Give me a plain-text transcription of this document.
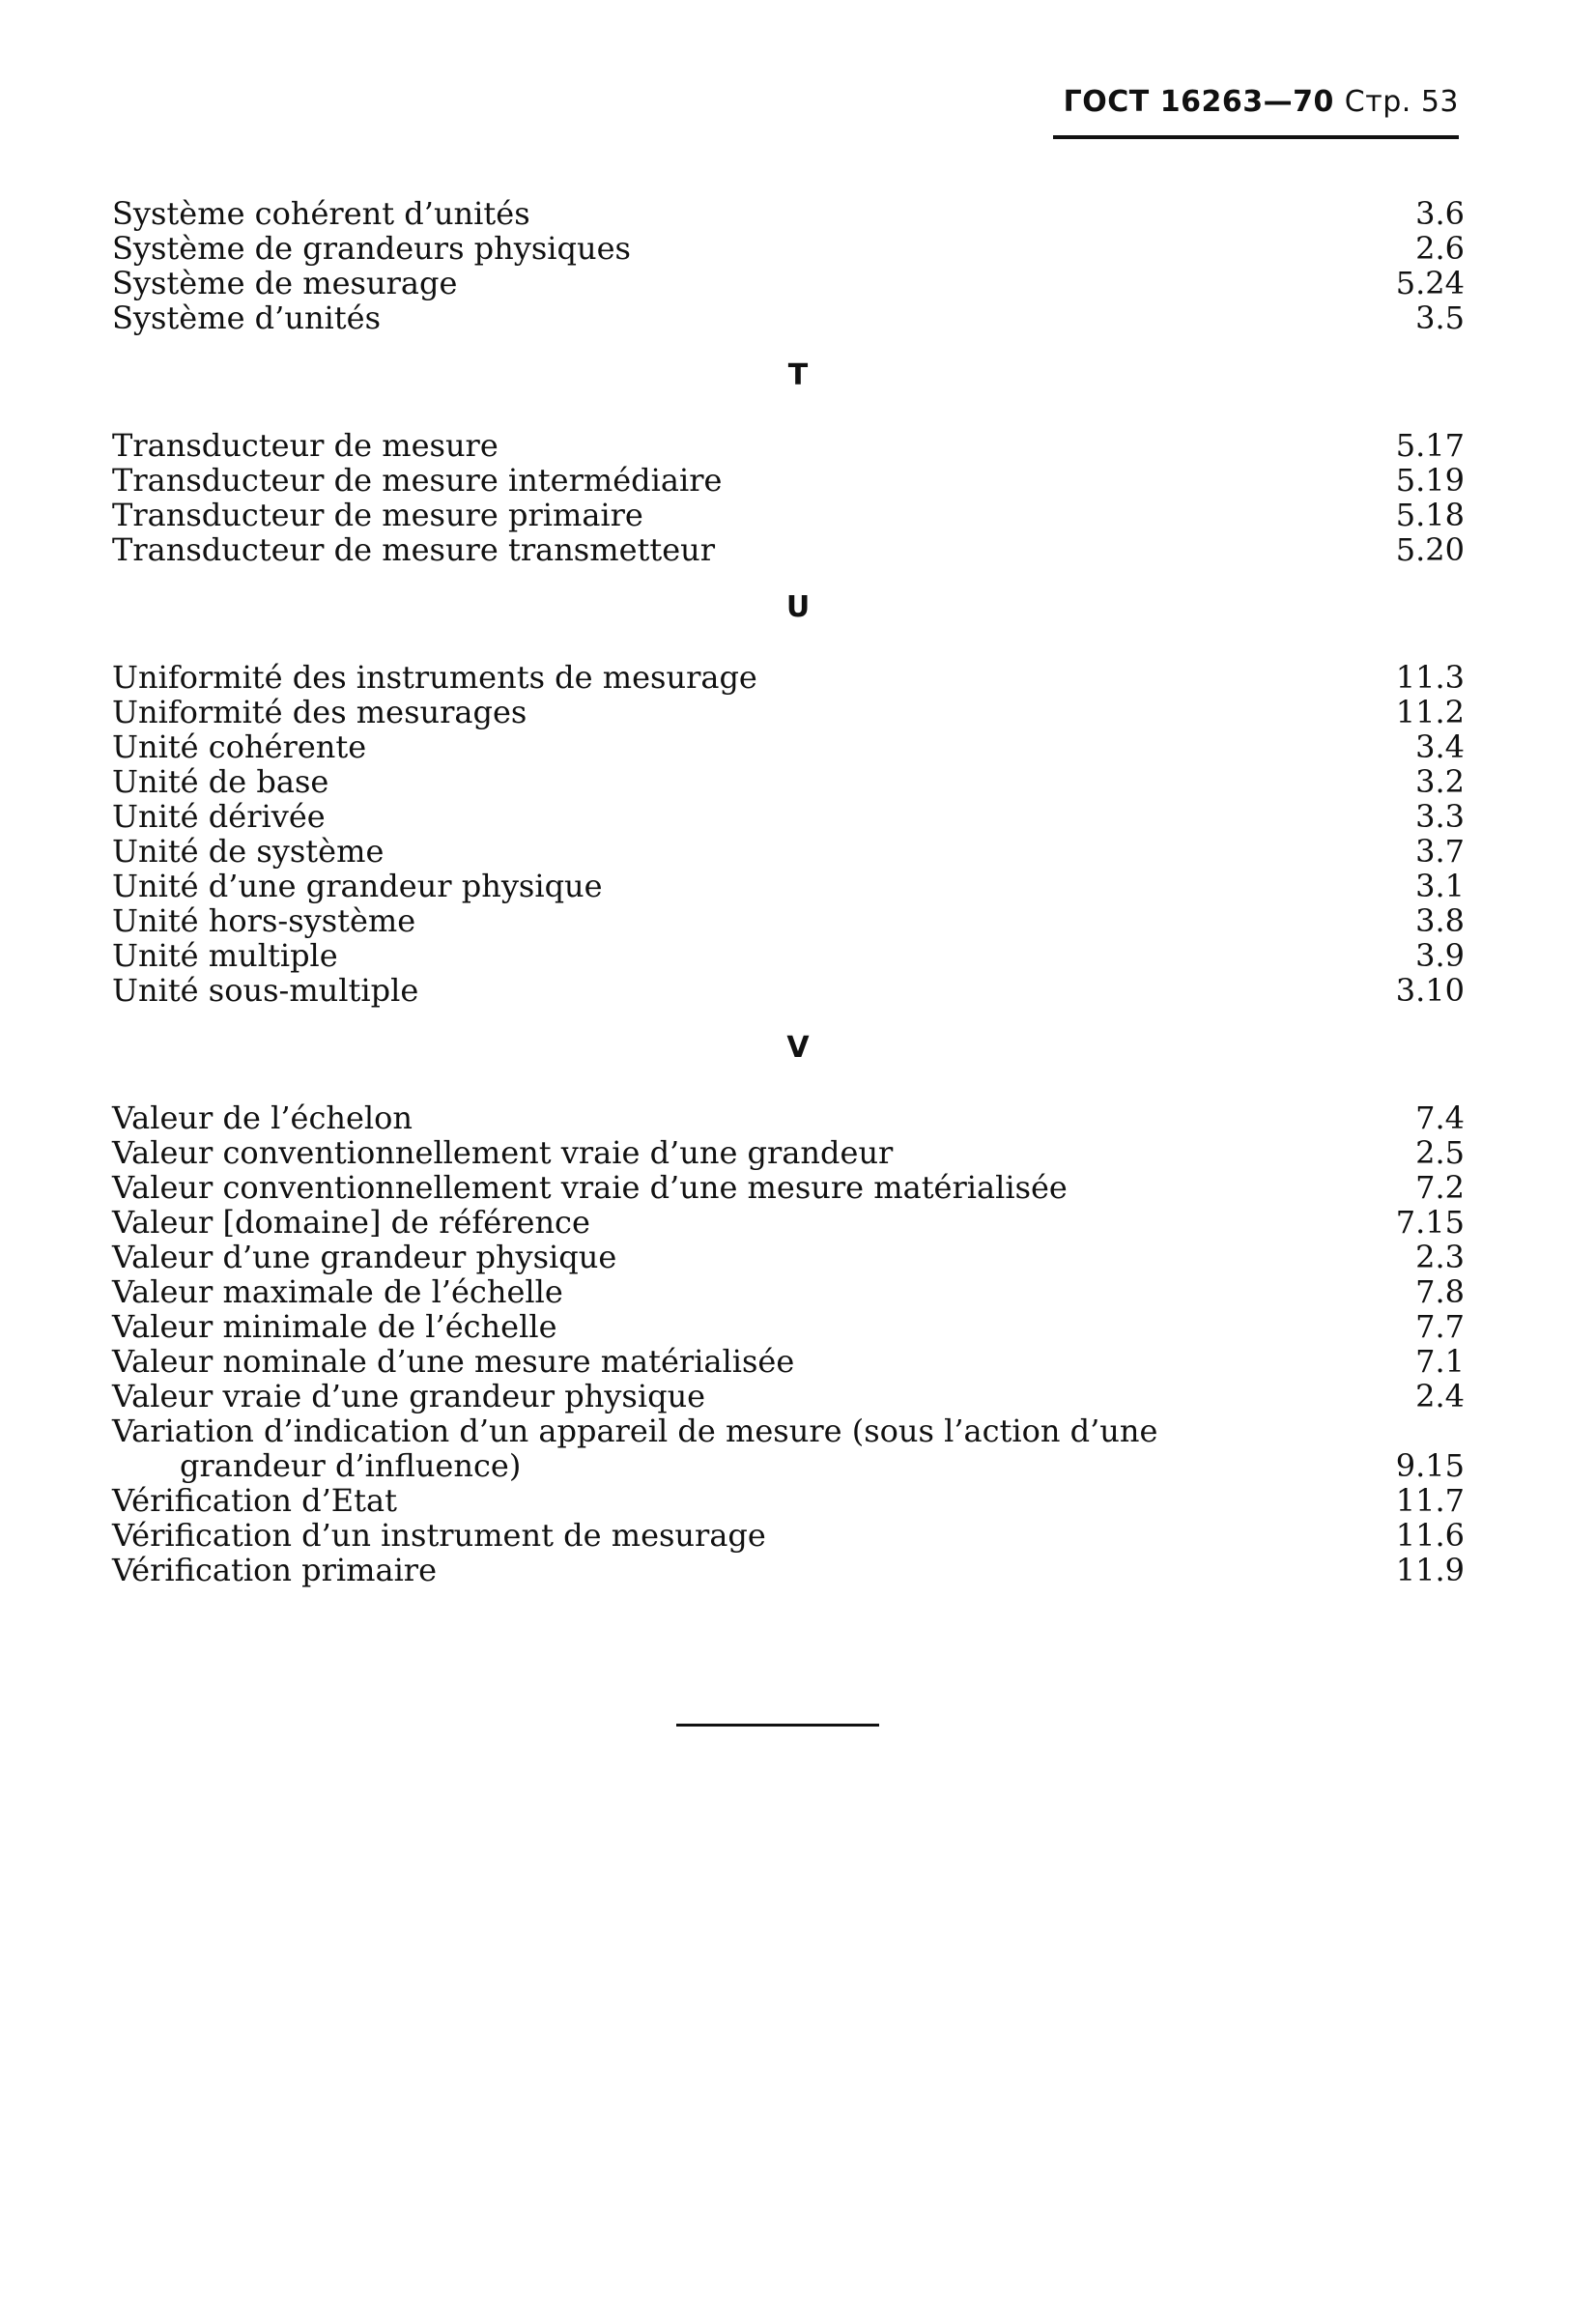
ГОСТ 16263—70 Стр. 53
Système cohérent d’unités	3.6
Système de grandeurs physiques	2.6
Système de mesurage	5.24
Système d’unités	3.5
T
Transducteur de mesure	5.17
Transducteur de mesure intermédiaire	5.19
Transducteur de mesure primaire	5.18
Transducteur de mesure transmetteur	5.20
U
Uniformité des instruments de mesurage	11.3
Uniformité des mesurages	11.2
Unité cohérente	3.4
Unité de base	3.2
Unité dérivée	3.3
Unité de système	3.7
Unité d’une grandeur physique	3.1
Unité hors-système	3.8
Unité multiple	3.9
Unité sous-multiple	3.10
V
Valeur de l’échelon	7.4
Valeur conventionnellement vraie d’une grandeur	2.5
Valeur conventionnellement vraie d’une mesure matérialisée	7.2
Valeur [domaine] de référence	7.15
Valeur d’une grandeur physique	2.3
Valeur maximale de l’échelle	7.8
Valeur minimale de l’échelle	7.7
Valeur nominale d’une mesure matérialisée	7.1
Valeur vraie d’une grandeur physique	2.4
Variation d’indication d’un appareil de mesure (sous l’action d’une
grandeur d’influence)	9.15
Vérification d’Etat	11.7
Vérification d’un instrument de mesurage	11.6
Vérification primaire	11.9
